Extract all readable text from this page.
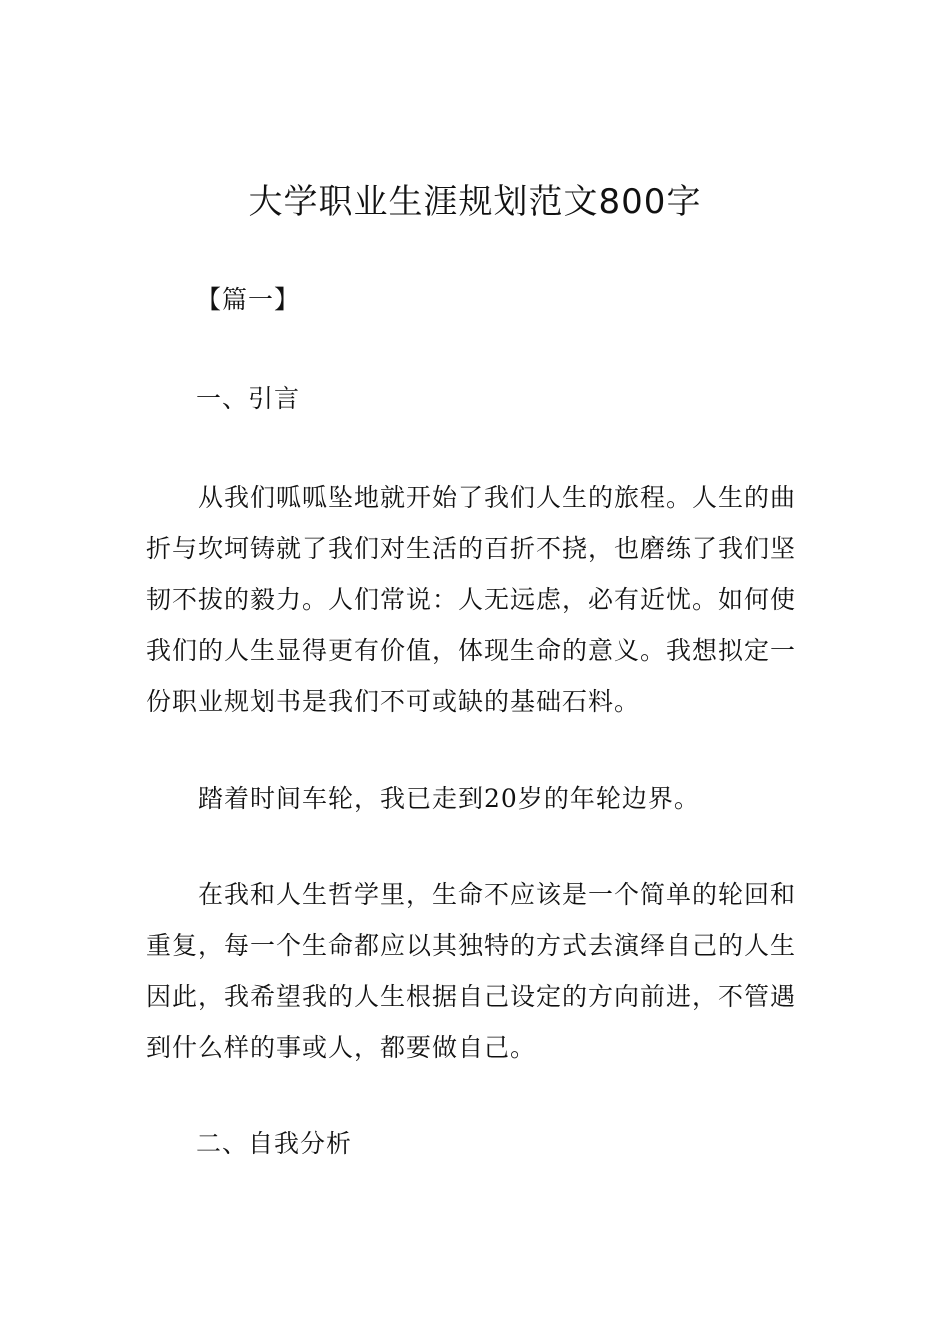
大学职业生涯规划范文800字
【篇一】
一、引言
从我们呱呱坠地就开始了我们人生的旅程。人生的曲折与坎坷铸就了我们对生活的百折不挠，也磨练了我们坚韧不拔的毅力。人们常说：人无远虑，必有近忧。如何使我们的人生显得更有价值，体现生命的意义。我想拟定一份职业规划书是我们不可或缺的基础石料。
踏着时间车轮，我已走到20岁的年轮边界。
在我和人生哲学里，生命不应该是一个简单的轮回和重复，每一个生命都应以其独特的方式去演绎自己的人生因此，我希望我的人生根据自己设定的方向前进，不管遇到什么样的事或人，都要做自己。
二、自我分析
